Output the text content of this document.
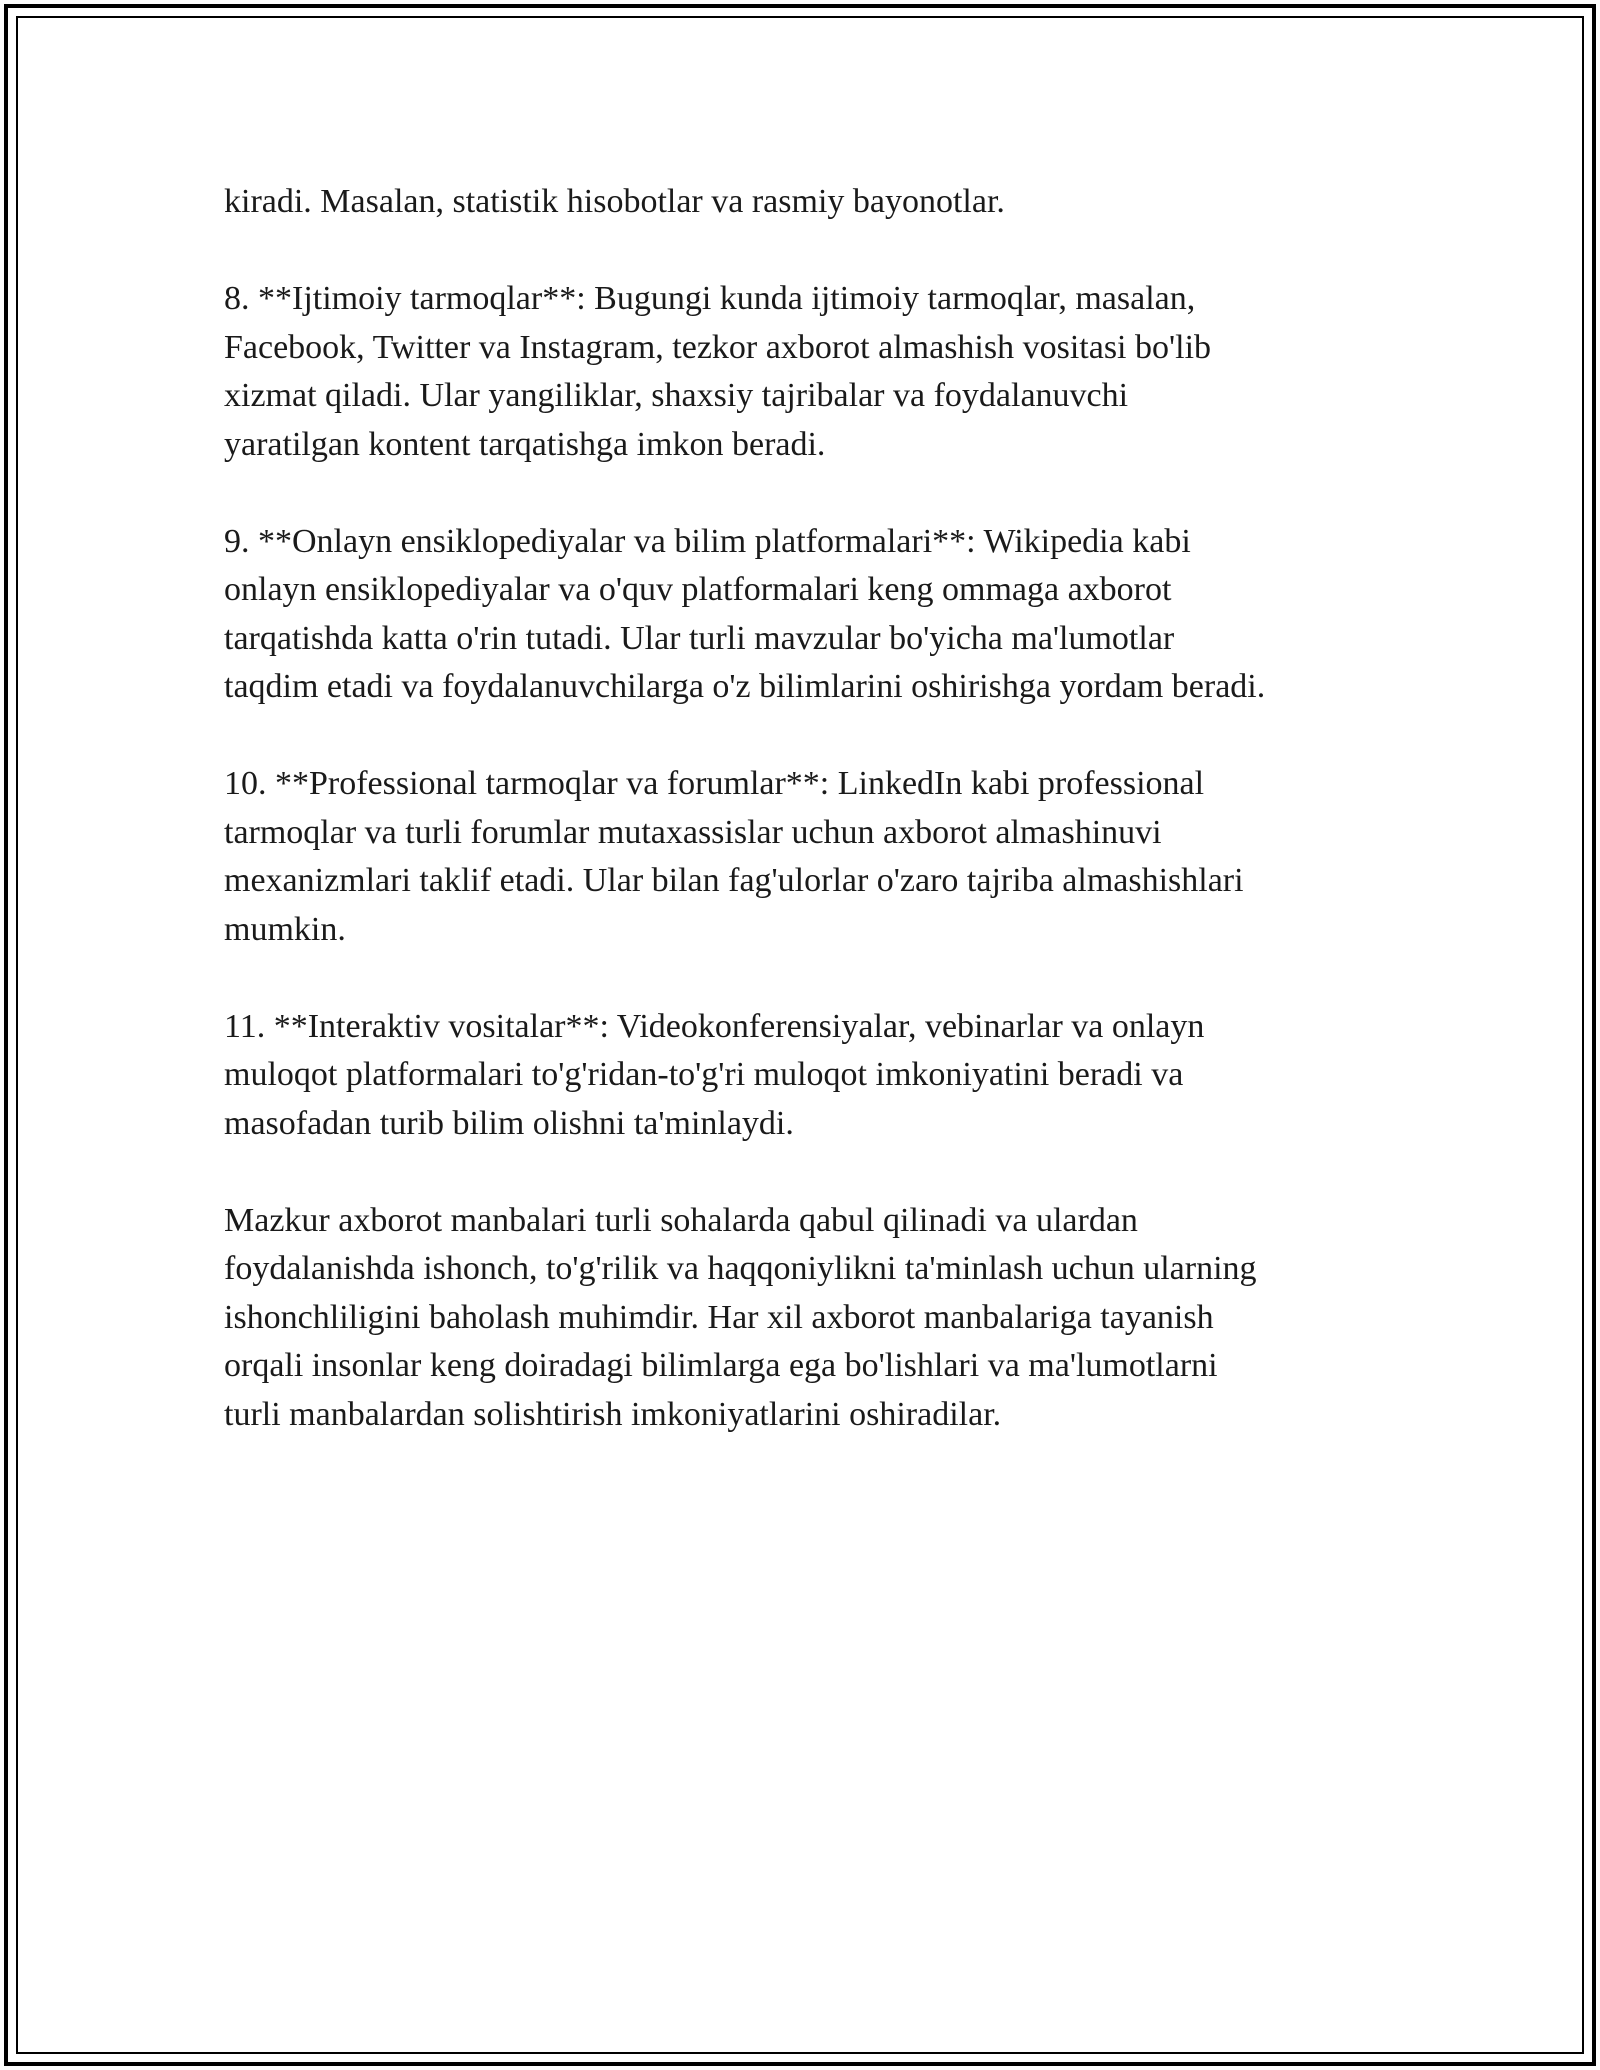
kiradi. Masalan, statistik hisobotlar va rasmiy bayonotlar.

8. **Ijtimoiy tarmoqlar**: Bugungi kunda ijtimoiy tarmoqlar, masalan,
Facebook, Twitter va Instagram, tezkor axborot almashish vositasi bo'lib
xizmat qiladi. Ular yangiliklar, shaxsiy tajribalar va foydalanuvchi
yaratilgan kontent tarqatishga imkon beradi.

9. **Onlayn ensiklopediyalar va bilim platformalari**: Wikipedia kabi
onlayn ensiklopediyalar va o'quv platformalari keng ommaga axborot
tarqatishda katta o'rin tutadi. Ular turli mavzular bo'yicha ma'lumotlar
taqdim etadi va foydalanuvchilarga o'z bilimlarini oshirishga yordam beradi.

10. **Professional tarmoqlar va forumlar**: LinkedIn kabi professional
tarmoqlar va turli forumlar mutaxassislar uchun axborot almashinuvi
mexanizmlari taklif etadi. Ular bilan fag'ulorlar o'zaro tajriba almashishlari
mumkin.

11. **Interaktiv vositalar**: Videokonferensiyalar, vebinarlar va onlayn
muloqot platformalari to'g'ridan-to'g'ri muloqot imkoniyatini beradi va
masofadan turib bilim olishni ta'minlaydi.

Mazkur axborot manbalari turli sohalarda qabul qilinadi va ulardan
foydalanishda ishonch, to'g'rilik va haqqoniylikni ta'minlash uchun ularning
ishonchliligini baholash muhimdir. Har xil axborot manbalariga tayanish
orqali insonlar keng doiradagi bilimlarga ega bo'lishlari va ma'lumotlarni
turli manbalardan solishtirish imkoniyatlarini oshiradilar.
